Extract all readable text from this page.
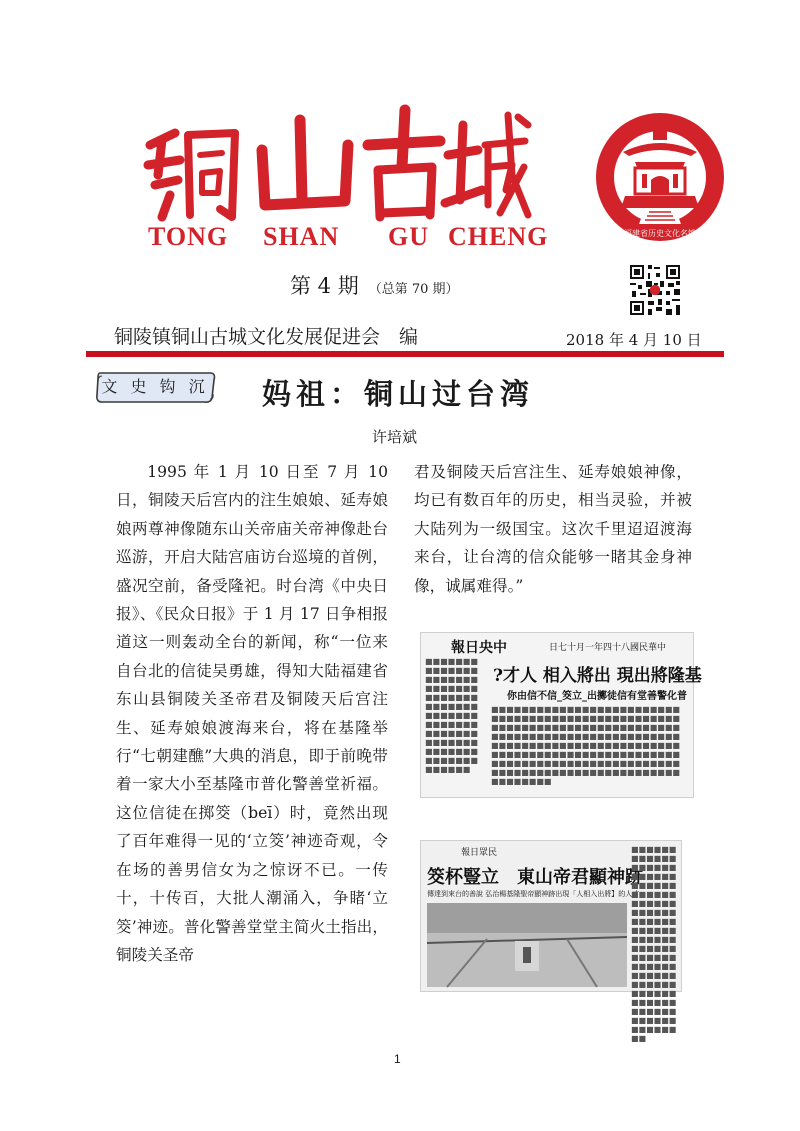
铜山古城
TONG SHAN GU CHENG	福建省历史文化名镇
第 4 期 （总第 70 期）
铜陵镇铜山古城文化发展促进会　编	2018 年 4 月 10 日
文 史 钩 沉	妈祖：铜山过台湾
许培斌
1995 年 1 月 10 日至 7 月 10 日，铜陵天后宫内的注生娘娘、延寿娘娘两尊神像随东山关帝庙关帝神像赴台巡游，开启大陆宫庙访台巡境的首例，盛况空前，备受隆祀。时台湾《中央日报》、《民众日报》于 1 月 17 日争相报道这一则轰动全台的新闻，称“一位来自台北的信徒吴勇雄，得知大陆福建省东山县铜陵关圣帝君及铜陵天后宫注生、延寿娘娘渡海来台，将在基隆举行“七朝建醮”大典的消息，即于前晚带着一家大小至基隆市普化警善堂祈福。 这位信徒在掷筊（beī）时，竟然出现了百年难得一见的‘立筊’神迹奇观，令在场的善男信女为之惊讶不已。一传十，十传百，大批人潮涌入，争睹‘立筊’神迹。普化警善堂堂主简火土指出，铜陵关圣帝
君及铜陵天后宫注生、延寿娘娘神像，均已有数百年的历史，相当灵验，并被大陆列为一级国宝。这次千里迢迢渡海来台，让台湾的信众能够一睹其金身神像，诚属难得。”
報日央中	日七十月一年四十八國民華中
?才人 相入將出 現出將隆基
你由信不信_筊立_出擲徒信有堂善警化普
■■■■■■■■■■■■■■■■■■■■■■■■■■■■■■■■■■■■■■■■■■■■■■■■■■■■■■■■■■■■■■■■■■■■■■■■■■■■■■■■■■■■■■■■■■
■■■■■■■■■■■■■■■■■■■■■■■■■■■■■■■■■■■■■■■■■■■■■■■■■■■■■■■■■■■■■■■■■■■■■■■■■■■■■■■■■■■■■■■■■■■■■■■■■■■■■■■■■■■■■■■■■■■■■■■■■■■■■■■■■■■■■■■■■■■■■■■■■■■■■■■■■■■■■■■■■■■■■■■■■■■■■■■■■■■■■■■■■■■■■■■■■■■■■■■■■■■■■■■■
報日眾民
筊杯豎立　東山帝君顯神跡
傳達到來台的善說 弘治楊基隆聖帝顯神跡出現「人相入出將】的人才
■■■■■■■■■■■■■■■■■■■■■■■■■■■■■■■■■■■■■■■■■■■■■■■■■■■■■■■■■■■■■■■■■■■■■■■■■■■■■■■■■■■■■■■■■■■■■■■■■■■■■■■■■■■■■■■■■■■■■■■■■■■■■■■■
1
